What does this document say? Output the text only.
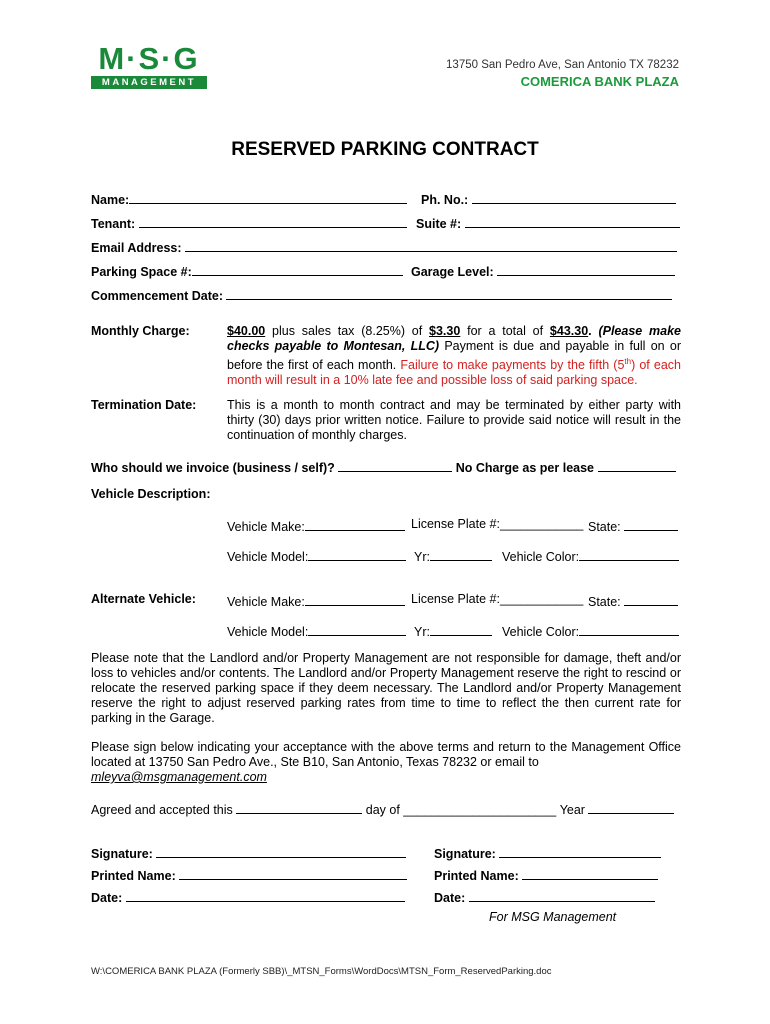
M·S·G
MANAGEMENT
13750 San Pedro Ave, San Antonio TX 78232
COMERICA BANK PLAZA
RESERVED PARKING CONTRACT
Name:	Ph. No.:
Tenant:	Suite #:
Email Address:
Parking Space #:	Garage Level:
Commencement Date:
Monthly Charge:	$40.00 plus sales tax (8.25%) of $3.30 for a total of $43.30. (Please make checks payable to Montesan, LLC) Payment is due and payable in full on or before the first of each month. Failure to make payments by the fifth (5th) of each month will result in a 10% late fee and possible loss of said parking space.
Termination Date: This is a month to month contract and may be terminated by either party with thirty (30) days prior written notice. Failure to provide said notice will result in the continuation of monthly charges.
Who should we invoice (business / self)?	No Charge as per lease
Vehicle Description:
Vehicle Make:	License Plate #:____________ State:
Vehicle Model:	Yr:	Vehicle Color:
Alternate Vehicle: Vehicle Make:	License Plate #:____________ State:
Vehicle Model:	Yr:	Vehicle Color:
Please note that the Landlord and/or Property Management are not responsible for damage, theft and/or loss to vehicles and/or contents. The Landlord and/or Property Management reserve the right to rescind or relocate the reserved parking space if they deem necessary. The Landlord and/or Property Management reserve the right to adjust reserved parking rates from time to time to reflect the then current rate for parking in the Garage.
Please sign below indicating your acceptance with the above terms and return to the Management Office located at 13750 San Pedro Ave., Ste B10, San Antonio, Texas 78232 or email to
mleyva@msgmanagement.com
Agreed and accepted this	day of ______________________ Year
Signature:
Printed Name:
Date:
Signature:
Printed Name:
Date:
For MSG Management
W:\COMERICA BANK PLAZA (Formerly SBB)\_MTSN_Forms\WordDocs\MTSN_Form_ReservedParking.doc
